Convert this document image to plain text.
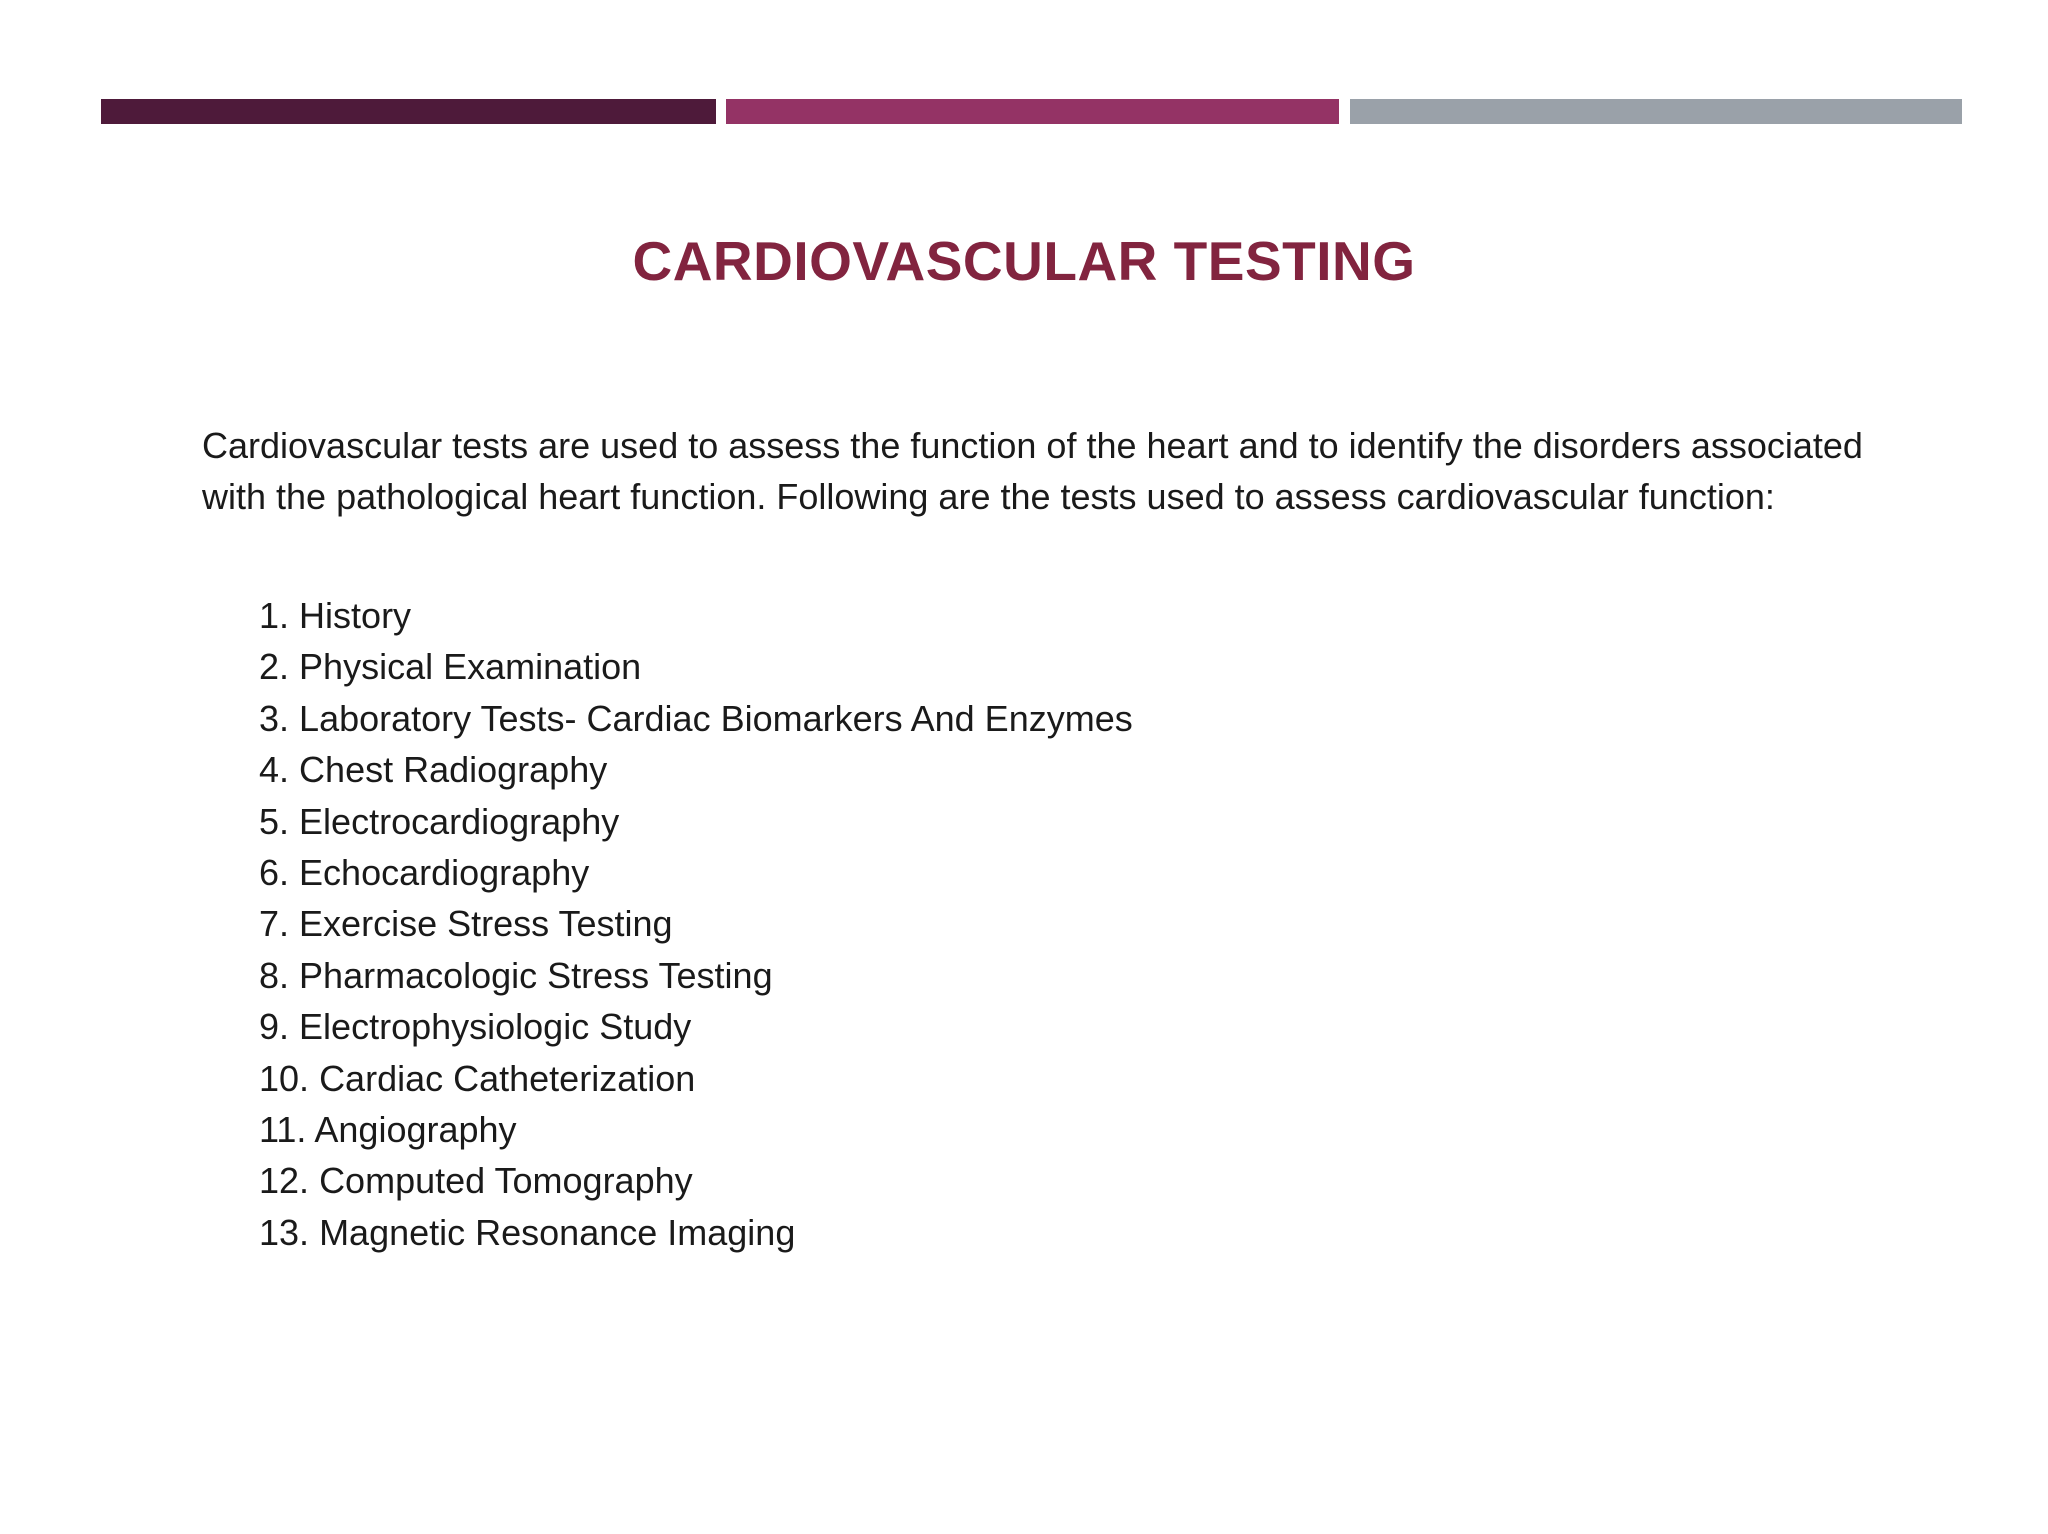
CARDIOVASCULAR TESTING

Cardiovascular tests are used to assess the function of the heart and to identify the disorders associated with the pathological heart function. Following are the tests used to assess cardiovascular function:

1. History
2. Physical Examination
3. Laboratory Tests- Cardiac Biomarkers And Enzymes
4. Chest Radiography
5. Electrocardiography
6. Echocardiography
7. Exercise Stress Testing
8. Pharmacologic Stress Testing
9. Electrophysiologic Study
10. Cardiac Catheterization
11. Angiography
12. Computed Tomography
13. Magnetic Resonance Imaging
